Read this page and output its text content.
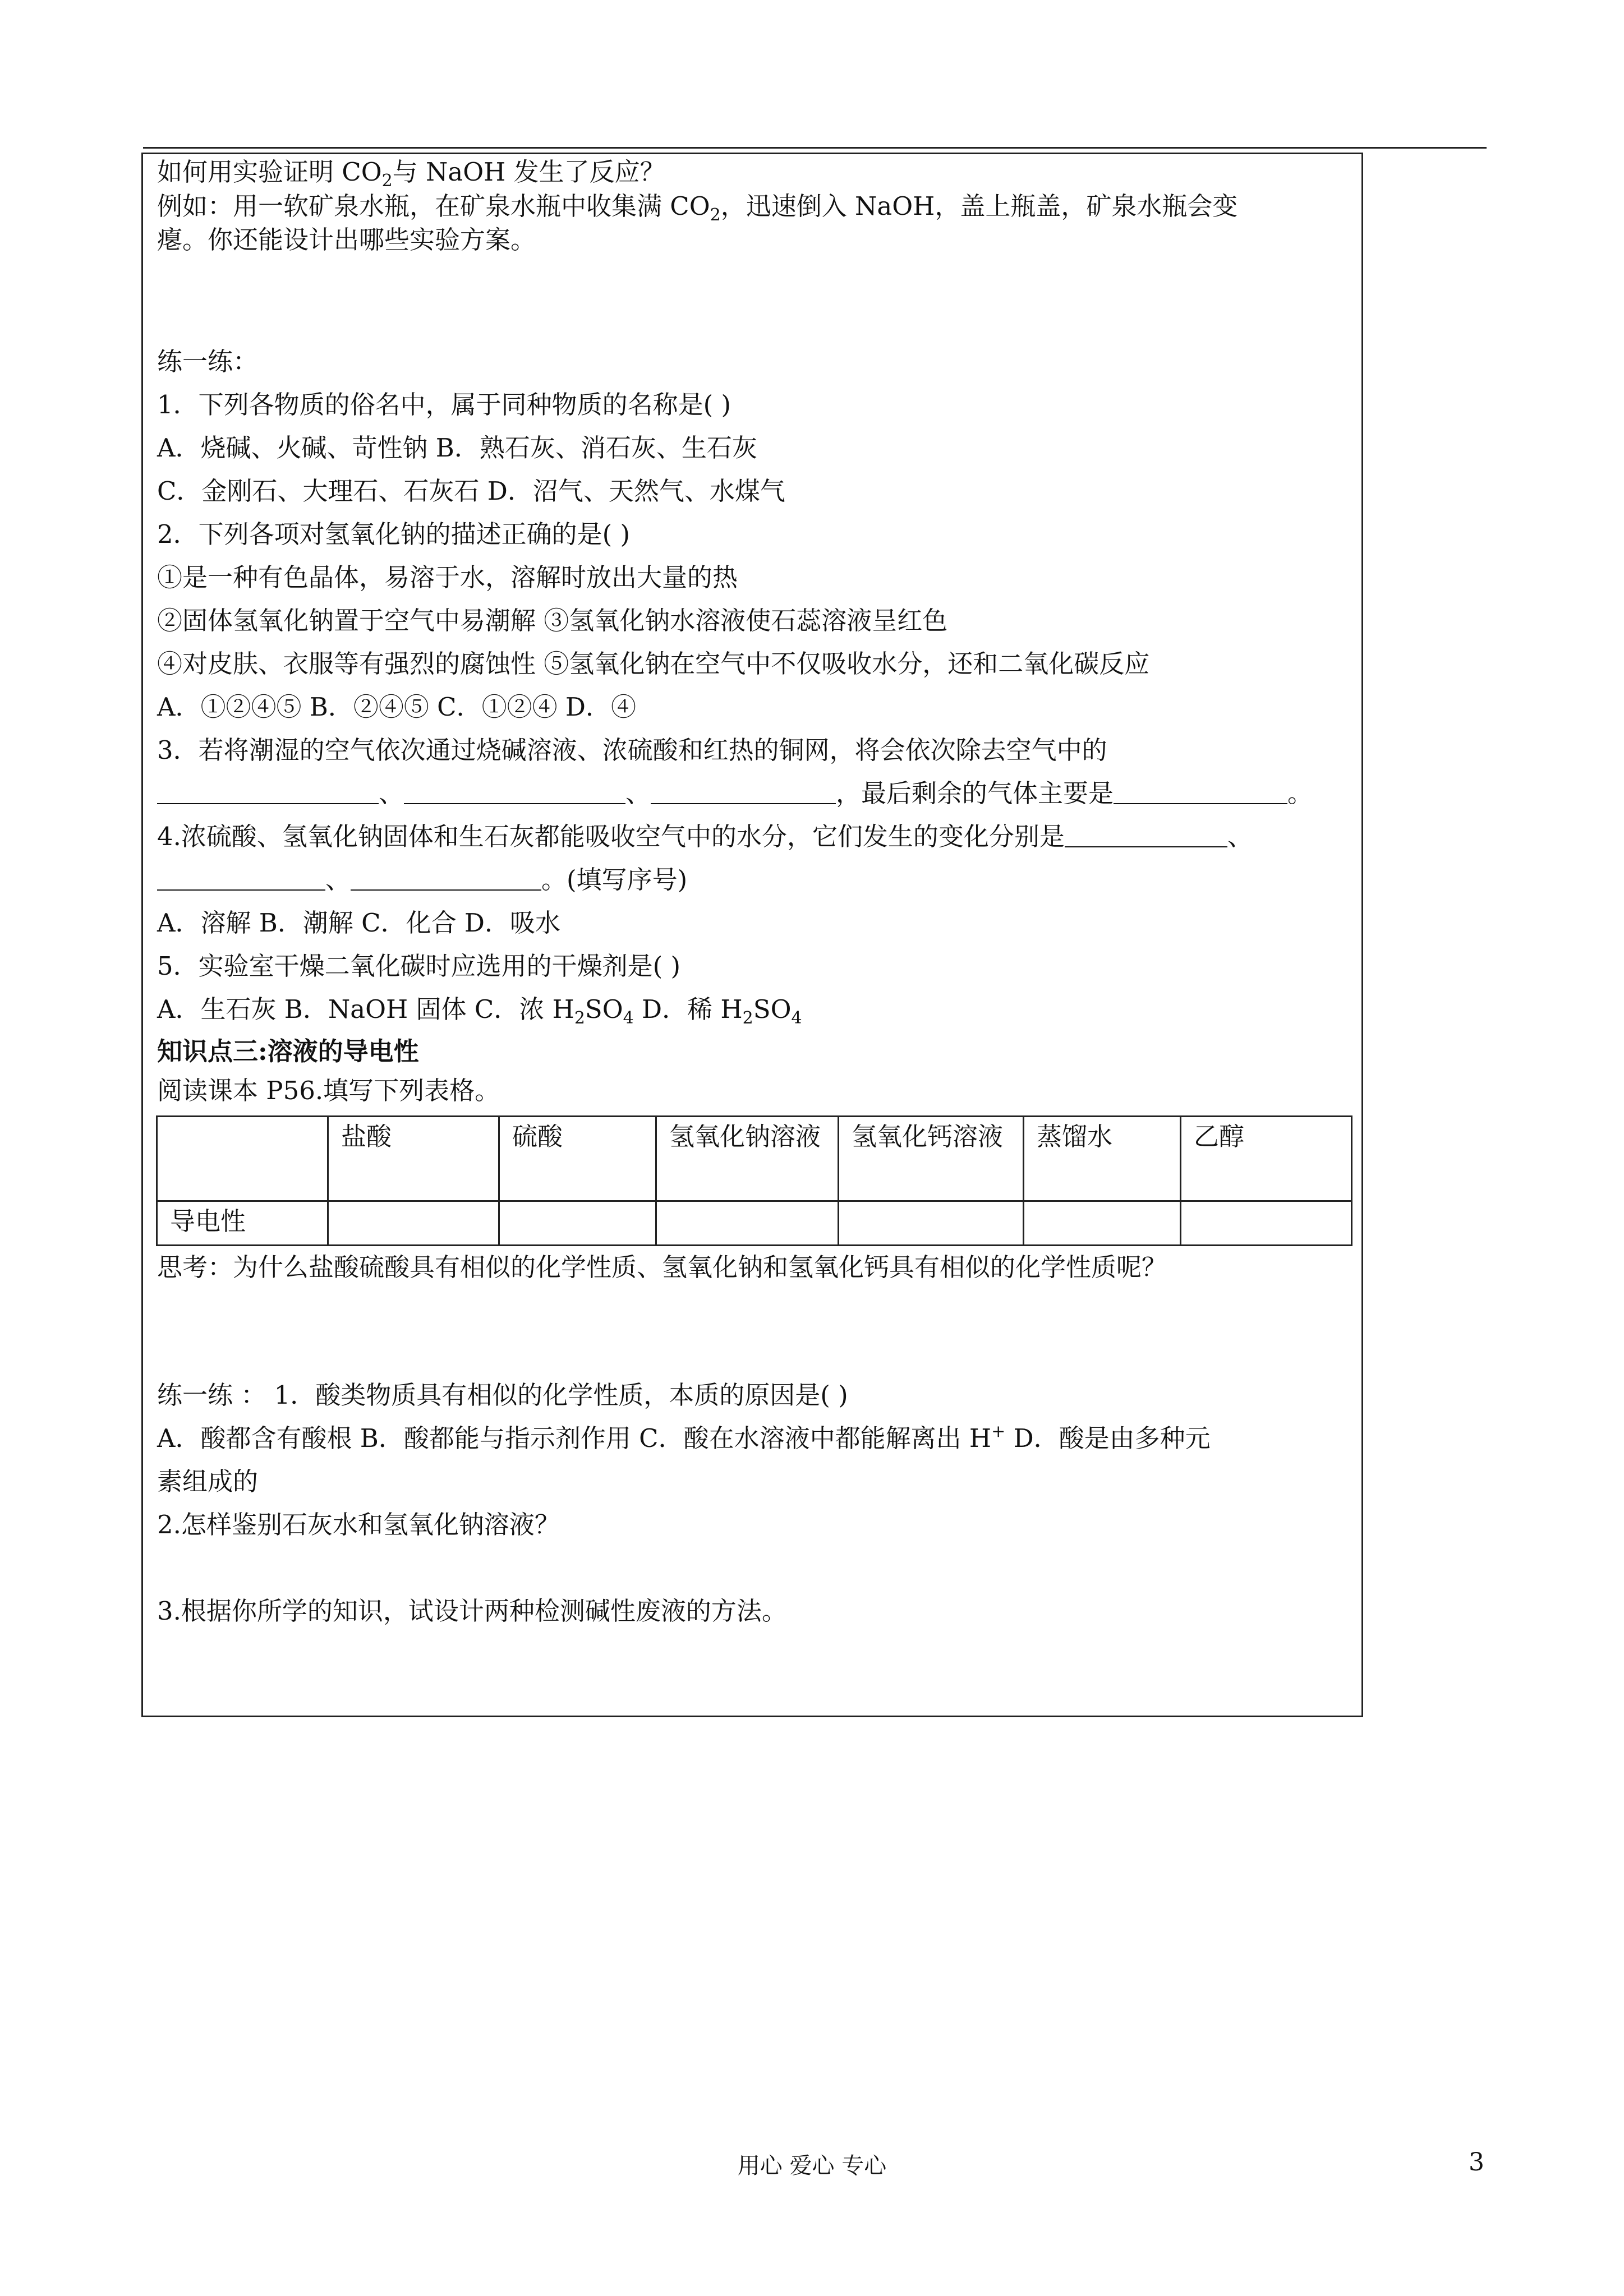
如何用实验证明 $CO_2$与 NaOH 发生了反应？
例如：用一软矿泉水瓶，在矿泉水瓶中收集满 $CO_2$，迅速倒入 NaOH，盖上瓶盖，矿泉水瓶会变
瘪。你还能设计出哪些实验方案。
练一练：
1．下列各物质的俗名中，属于同种物质的名称是( )
A．烧碱、火碱、苛性钠 B．熟石灰、消石灰、生石灰
C．金刚石、大理石、石灰石 D．沼气、天然气、水煤气
2．下列各项对氢氧化钠的描述正确的是( )
①是一种有色晶体，易溶于水，溶解时放出大量的热
②固体氢氧化钠置于空气中易潮解 ③氢氧化钠水溶液使石蕊溶液呈红色
④对皮肤、衣服等有强烈的腐蚀性 ⑤氢氧化钠在空气中不仅吸收水分，还和二氧化碳反应
A．①②④⑤ B．②④⑤ C．①②④ D．④
3．若将潮湿的空气依次通过烧碱溶液、浓硫酸和红热的铜网，将会依次除去空气中的
、	、	，最后剩余的气体主要是	。
4.浓硫酸、氢氧化钠固体和生石灰都能吸收空气中的水分，它们发生的变化分别是	、
、	。(填写序号)
A．溶解 B．潮解 C．化合 D．吸水
5．实验室干燥二氧化碳时应选用的干燥剂是( )
A．生石灰 B．NaOH 固体 C．浓 $H_2SO_4$ D．稀 $H_2SO_4$
知识点三:溶液的导电性
阅读课本 P56.填写下列表格。
	盐酸	硫酸	氢氧化钠溶液	氢氧化钙溶液	蒸馏水	乙醇
导电性						
思考：为什么盐酸硫酸具有相似的化学性质、氢氧化钠和氢氧化钙具有相似的化学性质呢？
练一练 ： 1．酸类物质具有相似的化学性质，本质的原因是( )
A．酸都含有酸根 B．酸都能与指示剂作用 C．酸在水溶液中都能解离出 H+ D．酸是由多种元
素组成的
2.怎样鉴别石灰水和氢氧化钠溶液？
3.根据你所学的知识，试设计两种检测碱性废液的方法。
用心 爱心 专心	3
